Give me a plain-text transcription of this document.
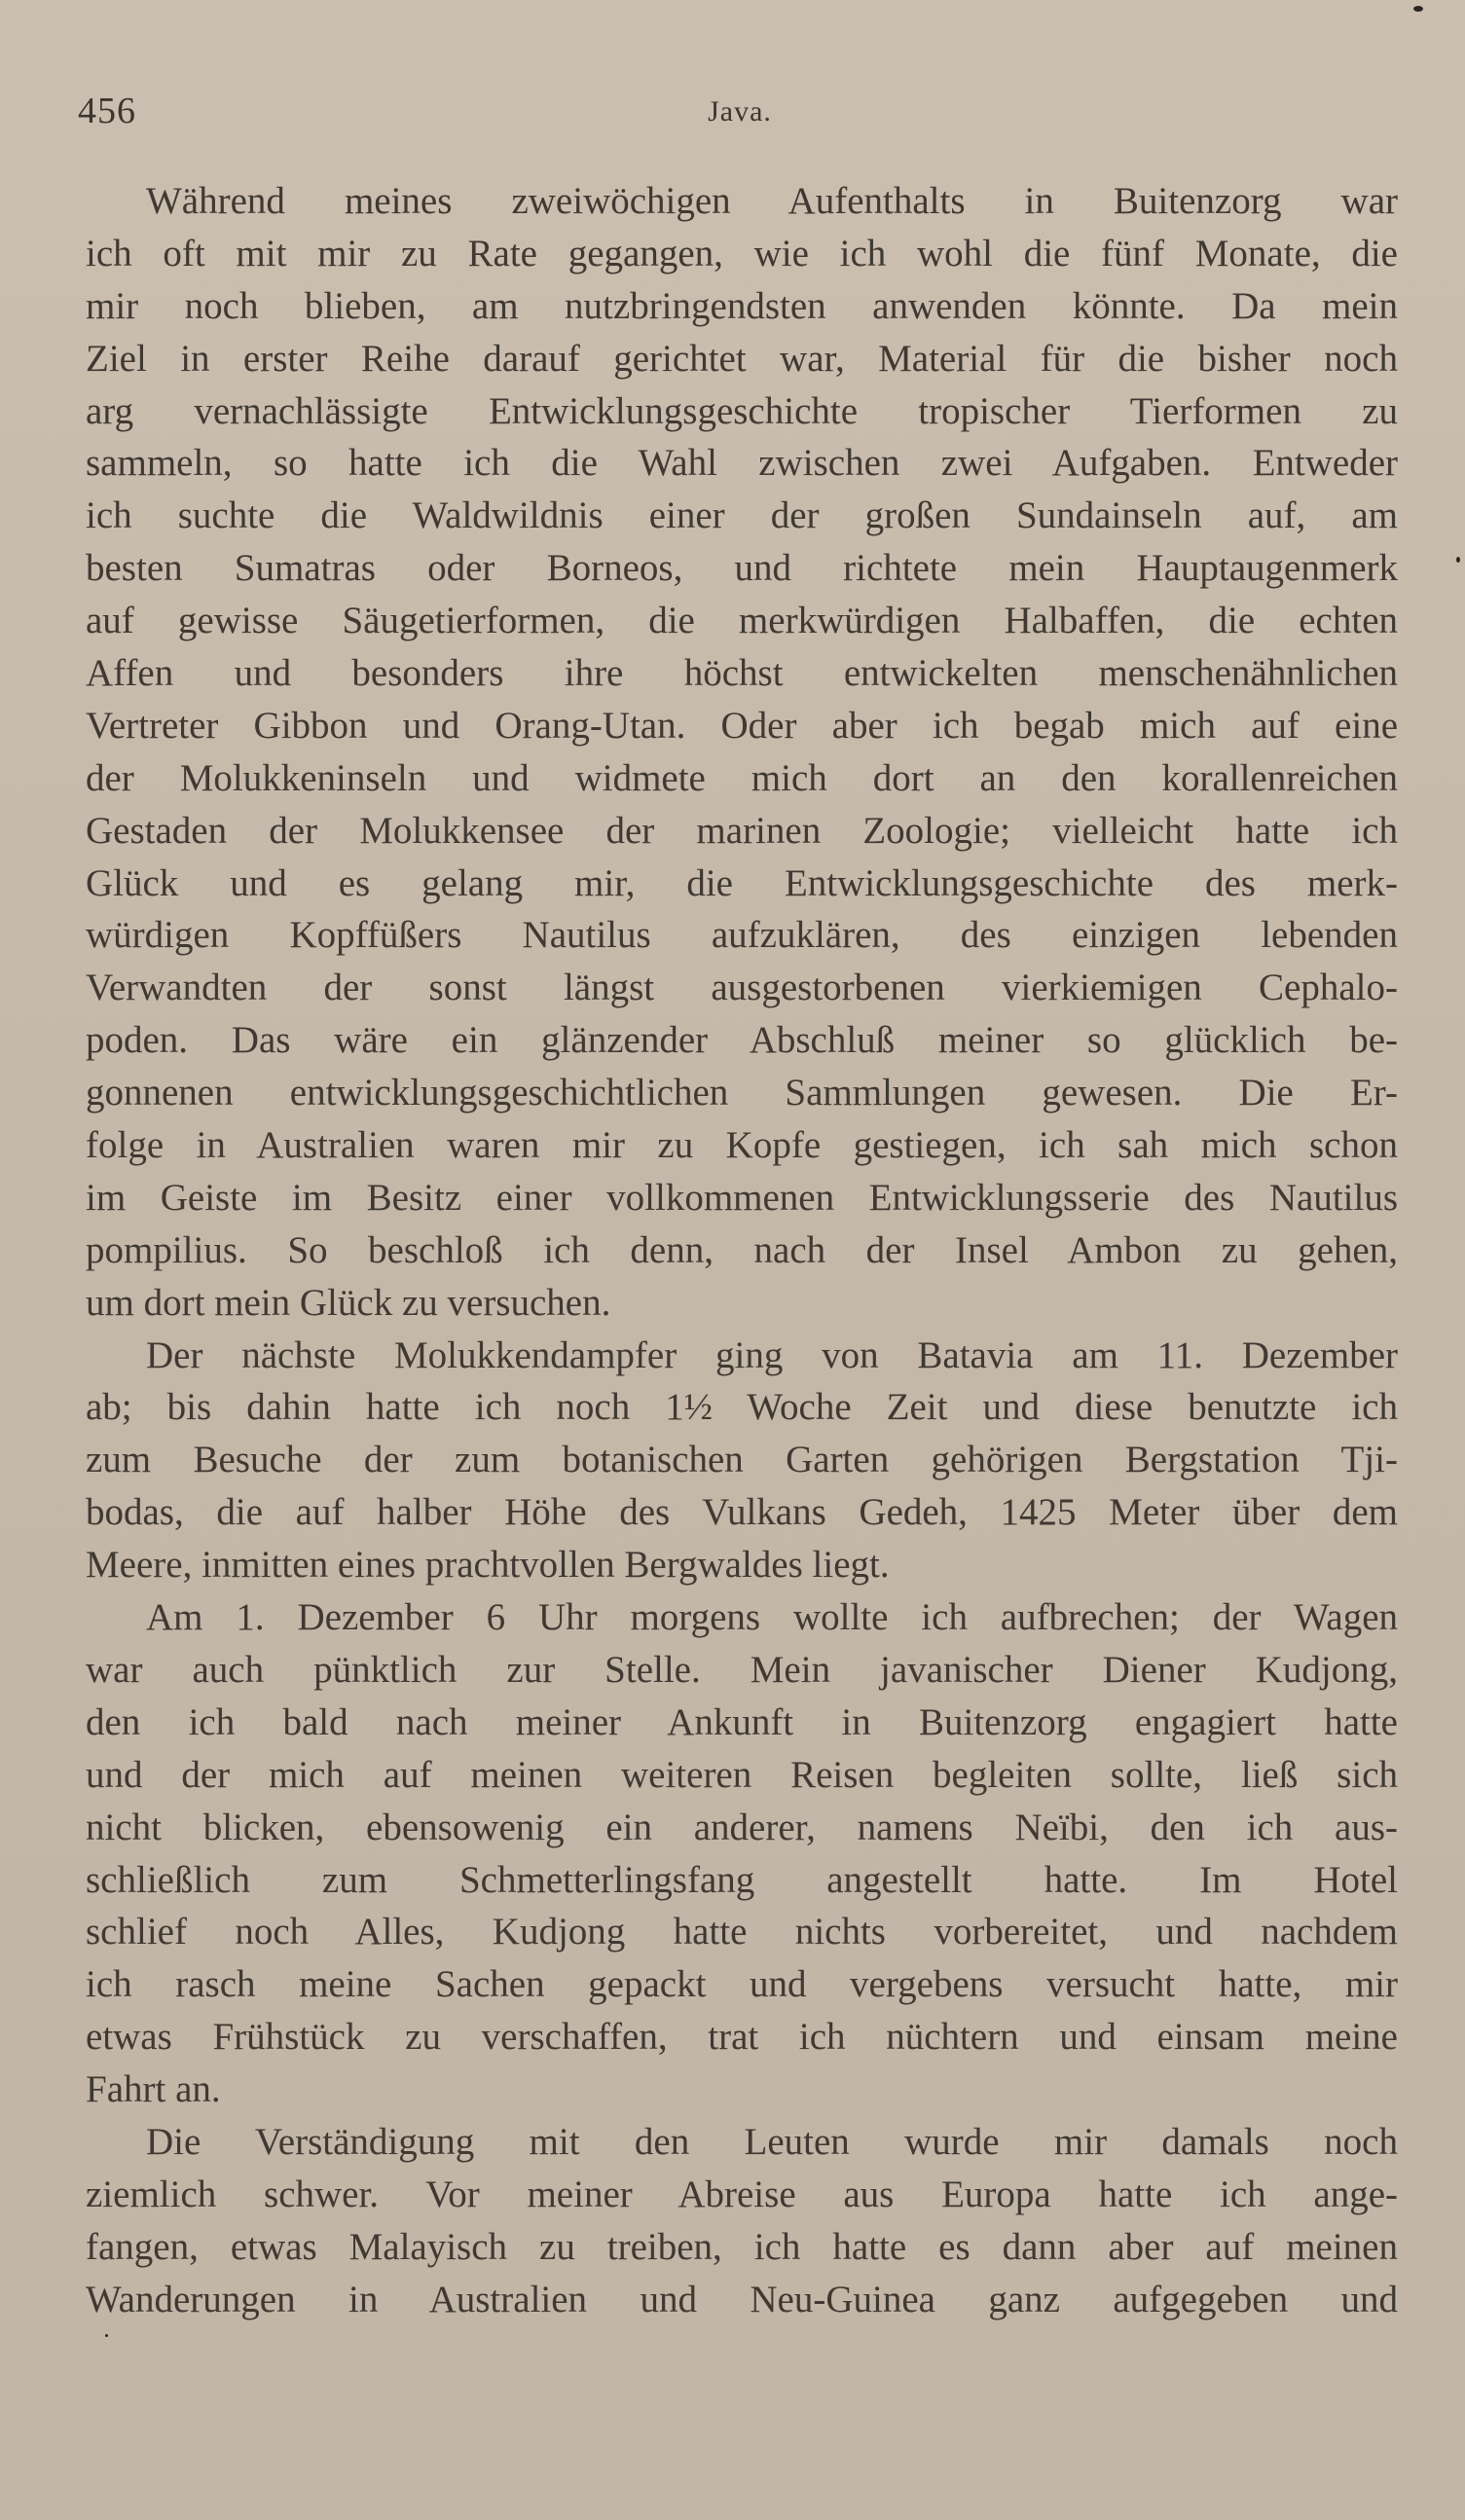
456	Java.
Während meines zweiwöchigen Aufenthalts in Buitenzorg war
ich oft mit mir zu Rate gegangen, wie ich wohl die fünf Monate, die
mir noch blieben, am nutzbringendsten anwenden könnte. Da mein
Ziel in erster Reihe darauf gerichtet war, Material für die bisher noch
arg vernachlässigte Entwicklungsgeschichte tropischer Tierformen zu
sammeln, so hatte ich die Wahl zwischen zwei Aufgaben. Entweder
ich suchte die Waldwildnis einer der großen Sundainseln auf, am
besten Sumatras oder Borneos, und richtete mein Hauptaugenmerk
auf gewisse Säugetierformen, die merkwürdigen Halbaffen, die echten
Affen und besonders ihre höchst entwickelten menschenähnlichen
Vertreter Gibbon und Orang-Utan. Oder aber ich begab mich auf eine
der Molukkeninseln und widmete mich dort an den korallenreichen
Gestaden der Molukkensee der marinen Zoologie; vielleicht hatte ich
Glück und es gelang mir, die Entwicklungsgeschichte des merk-
würdigen Kopffüßers Nautilus aufzuklären, des einzigen lebenden
Verwandten der sonst längst ausgestorbenen vierkiemigen Cephalo-
poden. Das wäre ein glänzender Abschluß meiner so glücklich be-
gonnenen entwicklungsgeschichtlichen Sammlungen gewesen. Die Er-
folge in Australien waren mir zu Kopfe gestiegen, ich sah mich schon
im Geiste im Besitz einer vollkommenen Entwicklungsserie des Nautilus
pompilius. So beschloß ich denn, nach der Insel Ambon zu gehen,
um dort mein Glück zu versuchen.
Der nächste Molukkendampfer ging von Batavia am 11. Dezember
ab; bis dahin hatte ich noch 1½ Woche Zeit und diese benutzte ich
zum Besuche der zum botanischen Garten gehörigen Bergstation Tji-
bodas, die auf halber Höhe des Vulkans Gedeh, 1425 Meter über dem
Meere, inmitten eines prachtvollen Bergwaldes liegt.
Am 1. Dezember 6 Uhr morgens wollte ich aufbrechen; der Wagen
war auch pünktlich zur Stelle. Mein javanischer Diener Kudjong,
den ich bald nach meiner Ankunft in Buitenzorg engagiert hatte
und der mich auf meinen weiteren Reisen begleiten sollte, ließ sich
nicht blicken, ebensowenig ein anderer, namens Neïbi, den ich aus-
schließlich zum Schmetterlingsfang angestellt hatte. Im Hotel
schlief noch Alles, Kudjong hatte nichts vorbereitet, und nachdem
ich rasch meine Sachen gepackt und vergebens versucht hatte, mir
etwas Frühstück zu verschaffen, trat ich nüchtern und einsam meine
Fahrt an.
Die Verständigung mit den Leuten wurde mir damals noch
ziemlich schwer. Vor meiner Abreise aus Europa hatte ich ange-
fangen, etwas Malayisch zu treiben, ich hatte es dann aber auf meinen
Wanderungen in Australien und Neu-Guinea ganz aufgegeben und
